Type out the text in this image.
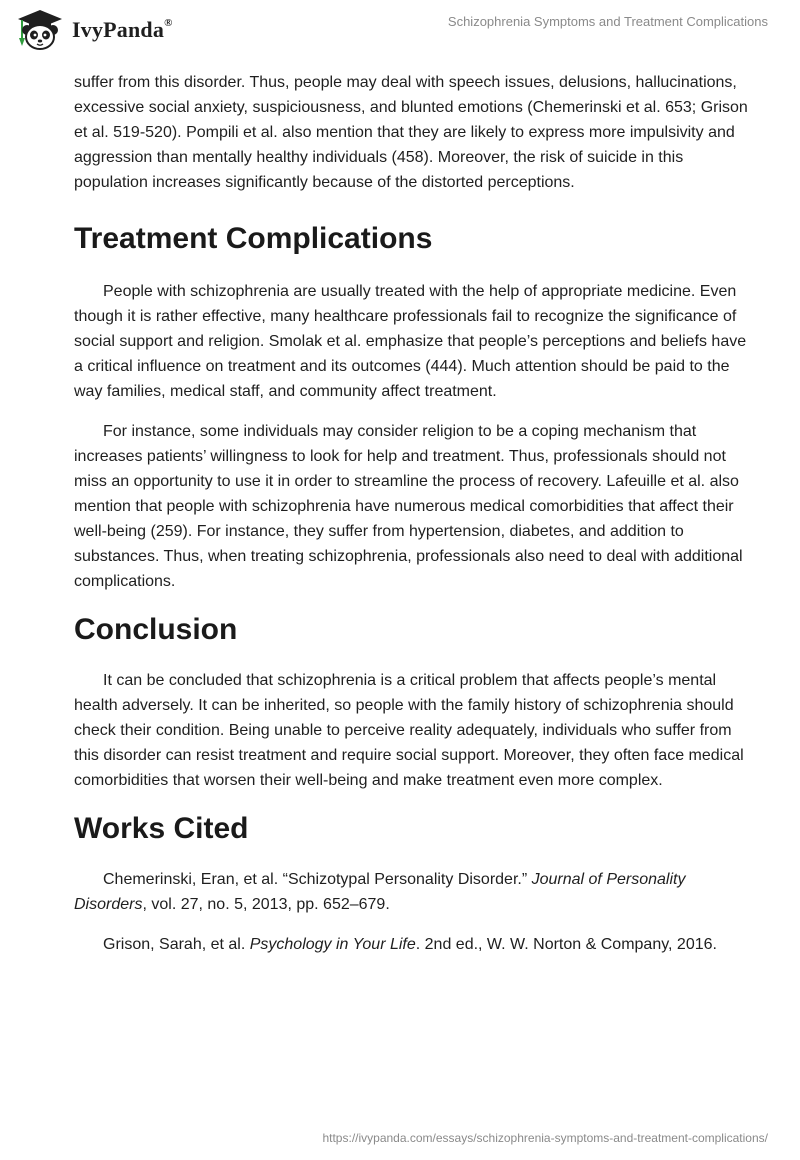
IvyPanda®	Schizophrenia Symptoms and Treatment Complications

suffer from this disorder. Thus, people may deal with speech issues, delusions, hallucinations, excessive social anxiety, suspiciousness, and blunted emotions (Chemerinski et al. 653; Grison et al. 519-520). Pompili et al. also mention that they are likely to express more impulsivity and aggression than mentally healthy individuals (458). Moreover, the risk of suicide in this population increases significantly because of the distorted perceptions.

Treatment Complications

People with schizophrenia are usually treated with the help of appropriate medicine. Even though it is rather effective, many healthcare professionals fail to recognize the significance of social support and religion. Smolak et al. emphasize that people’s perceptions and beliefs have a critical influence on treatment and its outcomes (444). Much attention should be paid to the way families, medical staff, and community affect treatment.

For instance, some individuals may consider religion to be a coping mechanism that increases patients’ willingness to look for help and treatment. Thus, professionals should not miss an opportunity to use it in order to streamline the process of recovery. Lafeuille et al. also mention that people with schizophrenia have numerous medical comorbidities that affect their well-being (259). For instance, they suffer from hypertension, diabetes, and addition to substances. Thus, when treating schizophrenia, professionals also need to deal with additional complications.

Conclusion

It can be concluded that schizophrenia is a critical problem that affects people’s mental health adversely. It can be inherited, so people with the family history of schizophrenia should check their condition. Being unable to perceive reality adequately, individuals who suffer from this disorder can resist treatment and require social support. Moreover, they often face medical comorbidities that worsen their well-being and make treatment even more complex.

Works Cited

Chemerinski, Eran, et al. “Schizotypal Personality Disorder.” Journal of Personality Disorders, vol. 27, no. 5, 2013, pp. 652–679.

Grison, Sarah, et al. Psychology in Your Life. 2nd ed., W. W. Norton & Company, 2016.

https://ivypanda.com/essays/schizophrenia-symptoms-and-treatment-complications/
